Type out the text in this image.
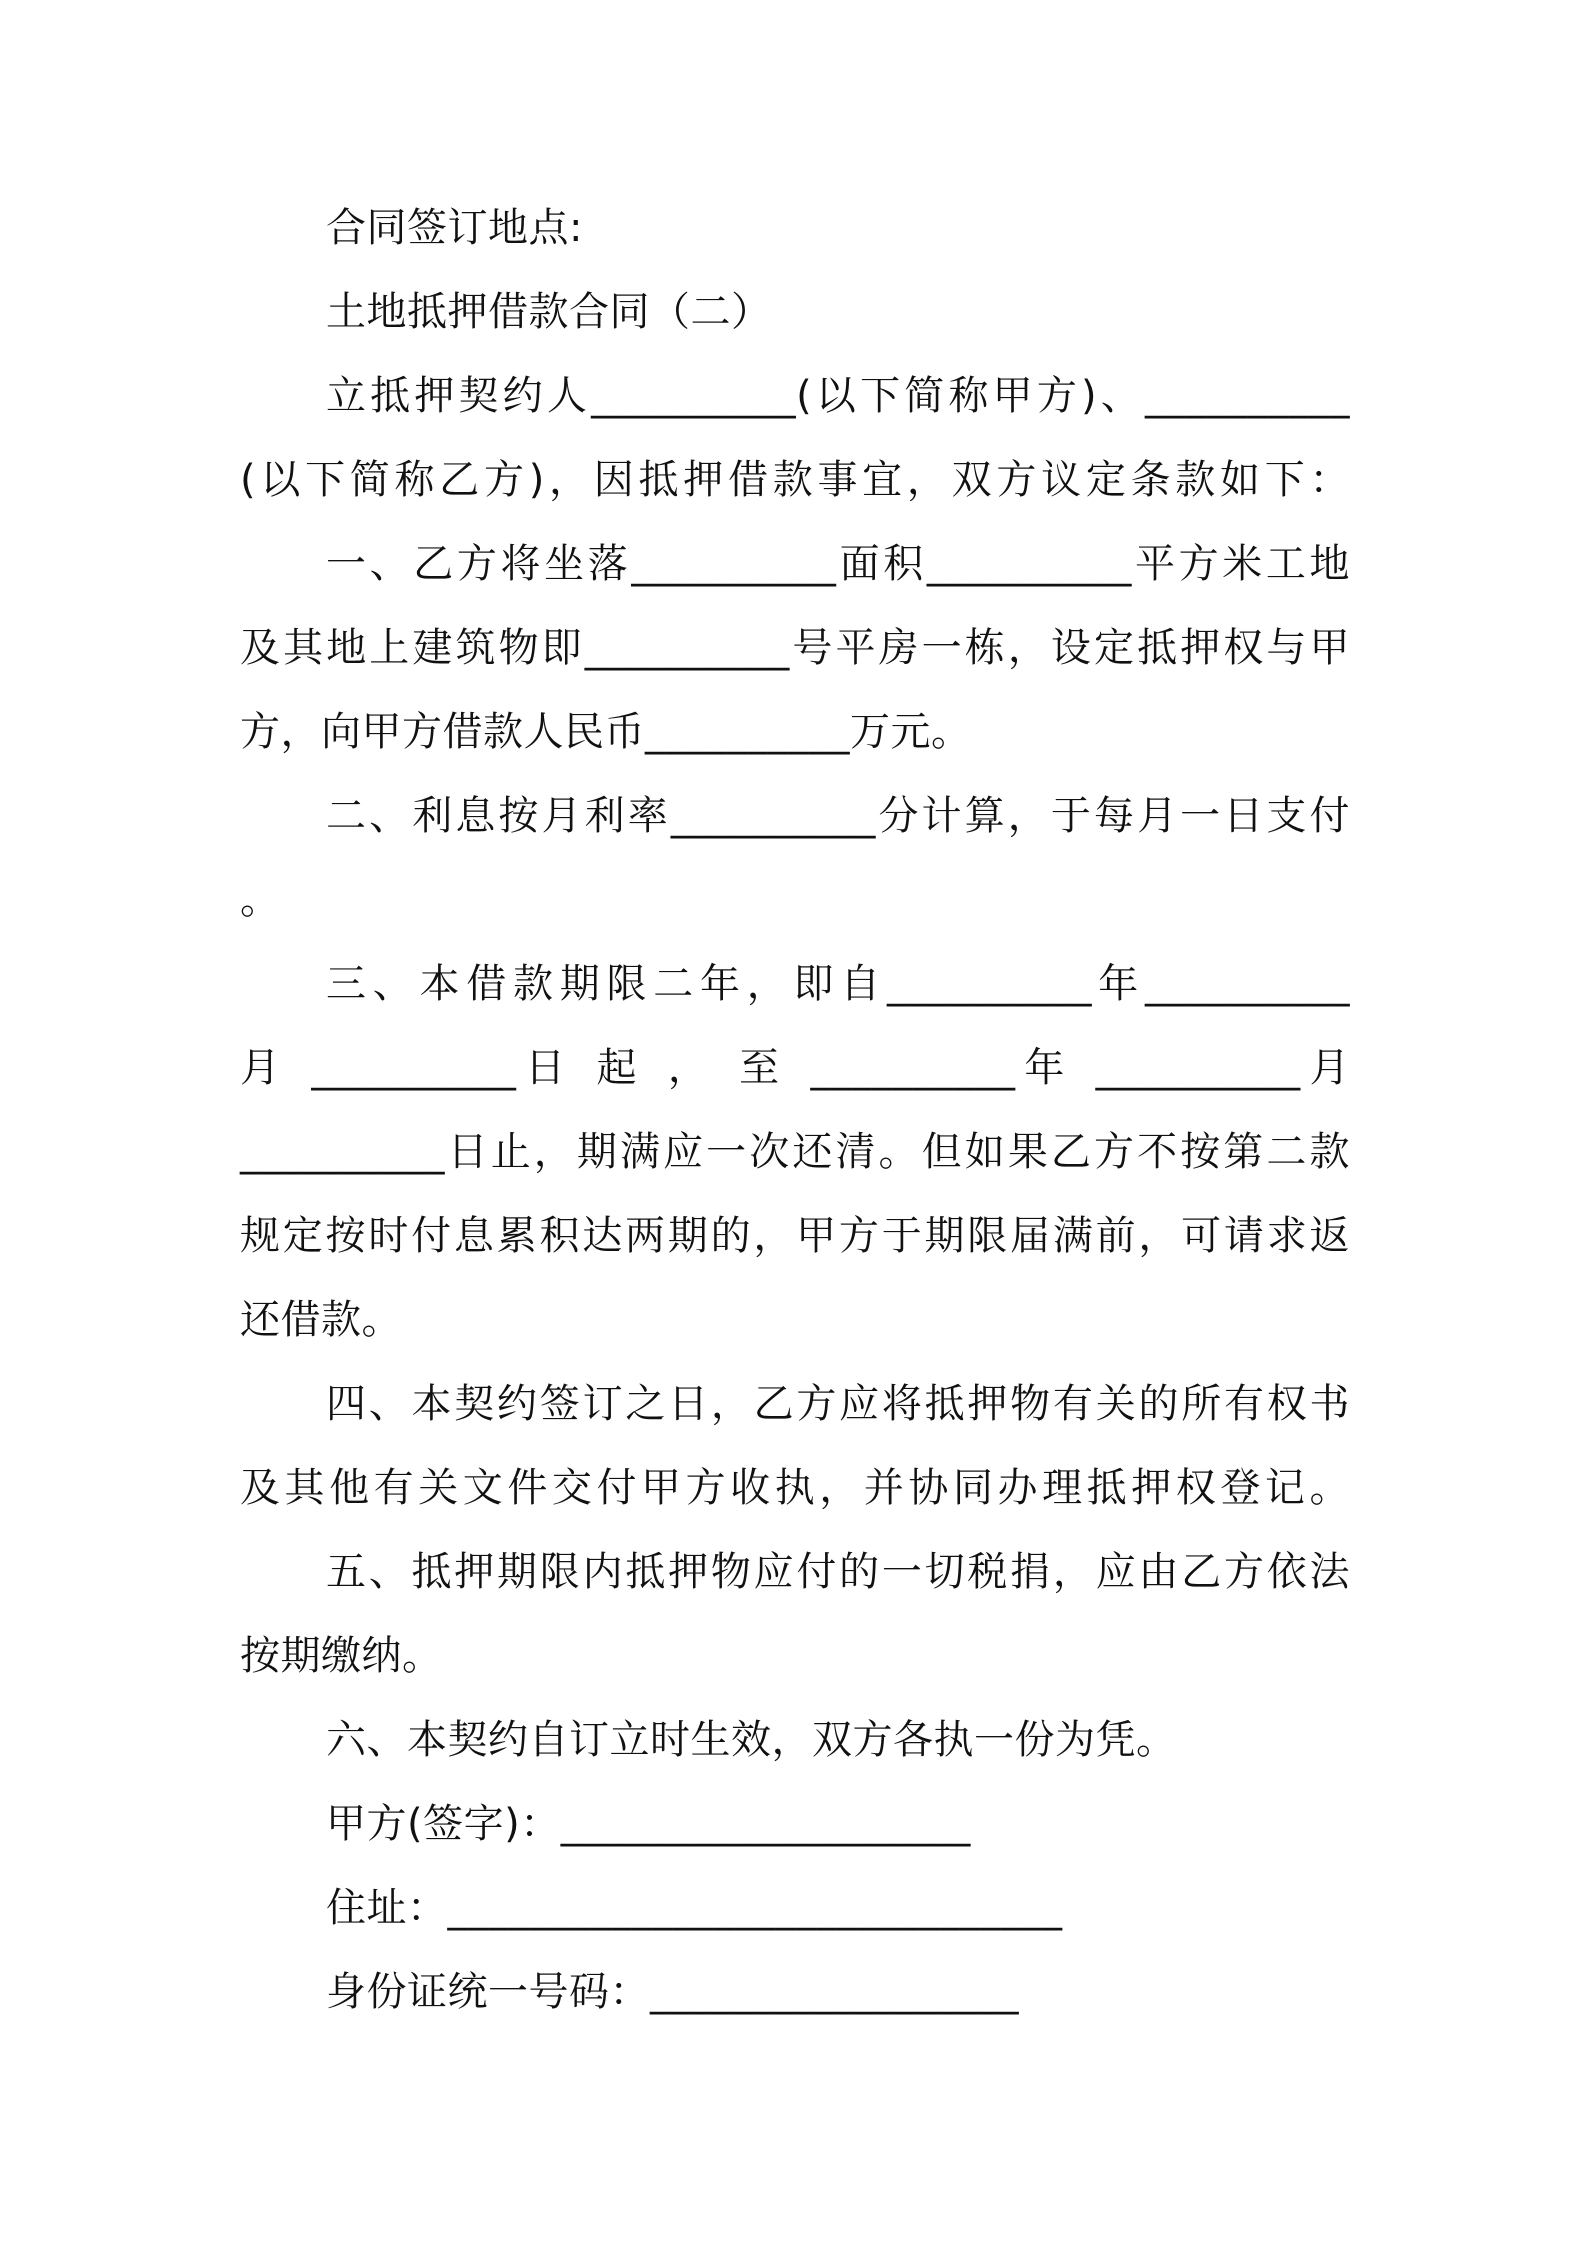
合同签订地点:
土地抵押借款合同（二）
立抵押契约人__________(以下简称甲方)、__________
(以下简称乙方)，因抵押借款事宜，双方议定条款如下：
一、乙方将坐落__________面积__________平方米工地
及其地上建筑物即__________号平房一栋，设定抵押权与甲
方，向甲方借款人民币__________万元。
二、利息按月利率__________分计算，于每月一日支付
。
三、本借款期限二年，即自__________年__________
月 __________日 起 ， 至 __________年 __________月
__________日止，期满应一次还清。但如果乙方不按第二款
规定按时付息累积达两期的，甲方于期限届满前，可请求返
还借款。
四、本契约签订之日，乙方应将抵押物有关的所有权书
及其他有关文件交付甲方收执，并协同办理抵押权登记。
五、抵押期限内抵押物应付的一切税捐，应由乙方依法
按期缴纳。
六、本契约自订立时生效，双方各执一份为凭。
甲方(签字)：____________________
住址：______________________________
身份证统一号码：__________________
